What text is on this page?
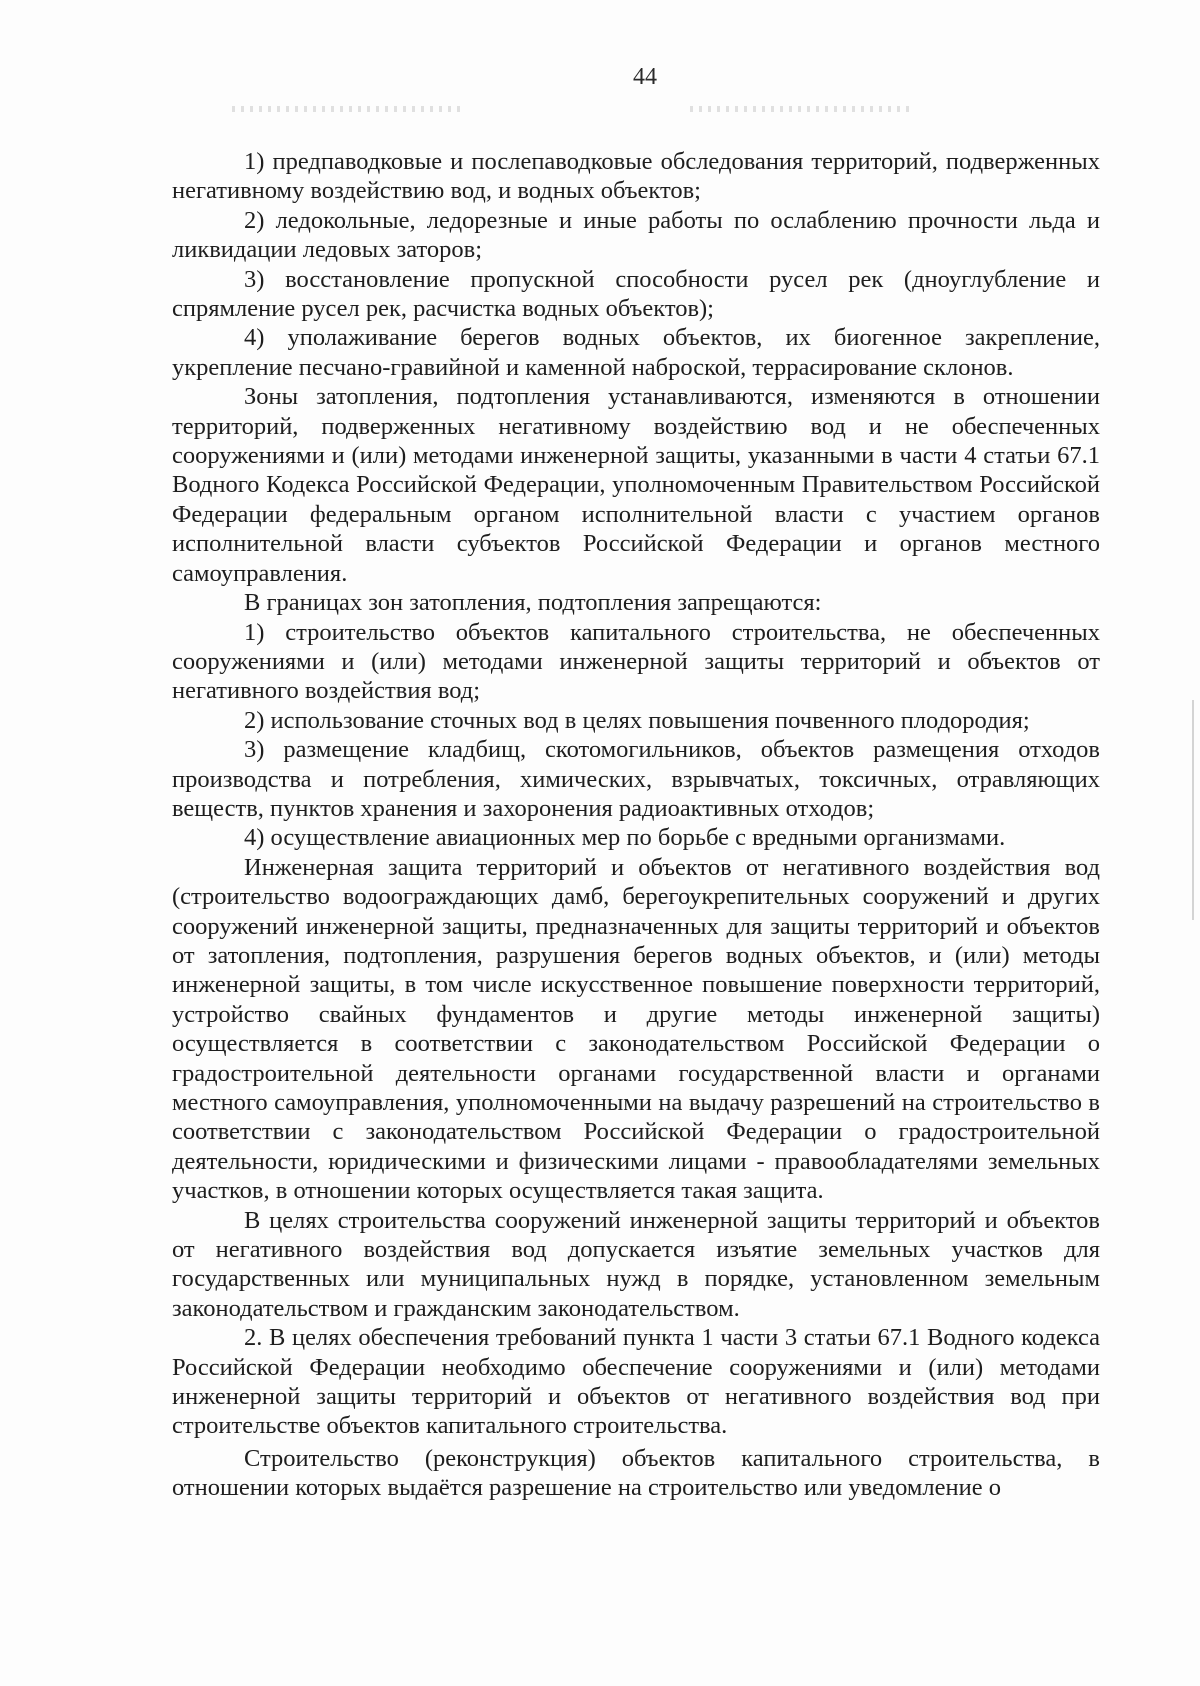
44

1) предпаводковые и послепаводковые обследования территорий, подверженных негативному воздействию вод, и водных объектов;

2) ледокольные, ледорезные и иные работы по ослаблению прочности льда и ликвидации ледовых заторов;

3) восстановление пропускной способности русел рек (дноуглубление и спрямление русел рек, расчистка водных объектов);

4) уполаживание берегов водных объектов, их биогенное закрепление, укрепление песчано-гравийной и каменной наброской, террасирование склонов.

Зоны затопления, подтопления устанавливаются, изменяются в отношении территорий, подверженных негативному воздействию вод и не обеспеченных сооружениями и (или) методами инженерной защиты, указанными в части 4 статьи 67.1 Водного Кодекса Российской Федерации, уполномоченным Правительством Российской Федерации федеральным органом исполнительной власти с участием органов исполнительной власти субъектов Российской Федерации и органов местного самоуправления.

В границах зон затопления, подтопления запрещаются:

1) строительство объектов капитального строительства, не обеспеченных сооружениями и (или) методами инженерной защиты территорий и объектов от негативного воздействия вод;

2) использование сточных вод в целях повышения почвенного плодородия;

3) размещение кладбищ, скотомогильников, объектов размещения отходов производства и потребления, химических, взрывчатых, токсичных, отравляющих веществ, пунктов хранения и захоронения радиоактивных отходов;

4) осуществление авиационных мер по борьбе с вредными организмами.

Инженерная защита территорий и объектов от негативного воздействия вод (строительство водоограждающих дамб, берегоукрепительных сооружений и других сооружений инженерной защиты, предназначенных для защиты территорий и объектов от затопления, подтопления, разрушения берегов водных объектов, и (или) методы инженерной защиты, в том числе искусственное повышение поверхности территорий, устройство свайных фундаментов и другие методы инженерной защиты) осуществляется в соответствии с законодательством Российской Федерации о градостроительной деятельности органами государственной власти и органами местного самоуправления, уполномоченными на выдачу разрешений на строительство в соответствии с законодательством Российской Федерации о градостроительной деятельности, юридическими и физическими лицами - правообладателями земельных участков, в отношении которых осуществляется такая защита.

В целях строительства сооружений инженерной защиты территорий и объектов от негативного воздействия вод допускается изъятие земельных участков для государственных или муниципальных нужд в порядке, установленном земельным законодательством и гражданским законодательством.

2. В целях обеспечения требований пункта 1 части 3 статьи 67.1 Водного кодекса Российской Федерации необходимо обеспечение сооружениями и (или) методами инженерной защиты территорий и объектов от негативного воздействия вод при строительстве объектов капитального строительства.

Строительство (реконструкция) объектов капитального строительства, в отношении которых выдаётся разрешение на строительство или уведомление о
